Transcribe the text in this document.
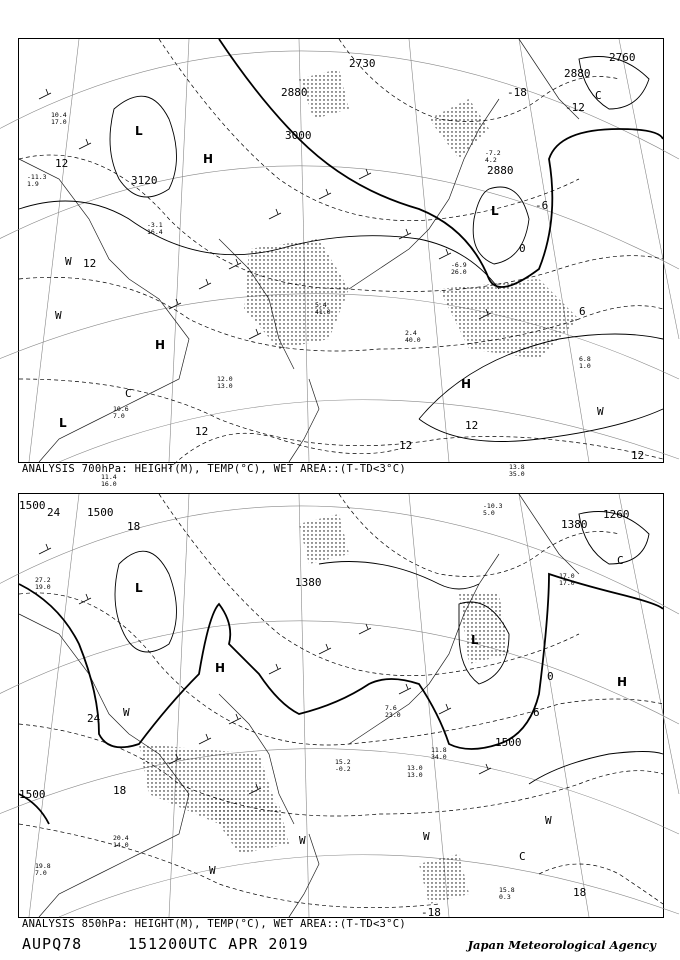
2730
2880
3000
3120
2880
2760
2880
12
-18
-12
-6
0
12
12
12
12
6
12
L
H
H
L
H
L
C
W
W
W
C
-11.3
1.9
10.4
17.0
-3.1
16.4
5.4
41.0
13.8
35.0
6.8
1.0
11.4
16.0
10.6
7.0
-6.9
26.0
2.4
40.0
-7.2
4.2
12.0
13.0
ANALYSIS 700hPa: HEIGHT(M), TEMP(°C), WET AREA::(T-TD<3°C)
1500
1500
1380
1380
1260
1500
1500
24
18
24
18
0
6
18
-18
L
H
L
H
C
W
W	W
W
W
C
27.2
19.0
15.8
0.3
13.0
13.0
11.8
34.0
15.2
-0.2
7.6
23.0
20.4
14.0
19.8
7.0
-10.3
5.0
17.0
17.0
ANALYSIS 850hPa: HEIGHT(M), TEMP(°C), WET AREA::(T-TD<3°C)
AUPQ78	151200UTC APR 2019	Japan Meteorological Agency
